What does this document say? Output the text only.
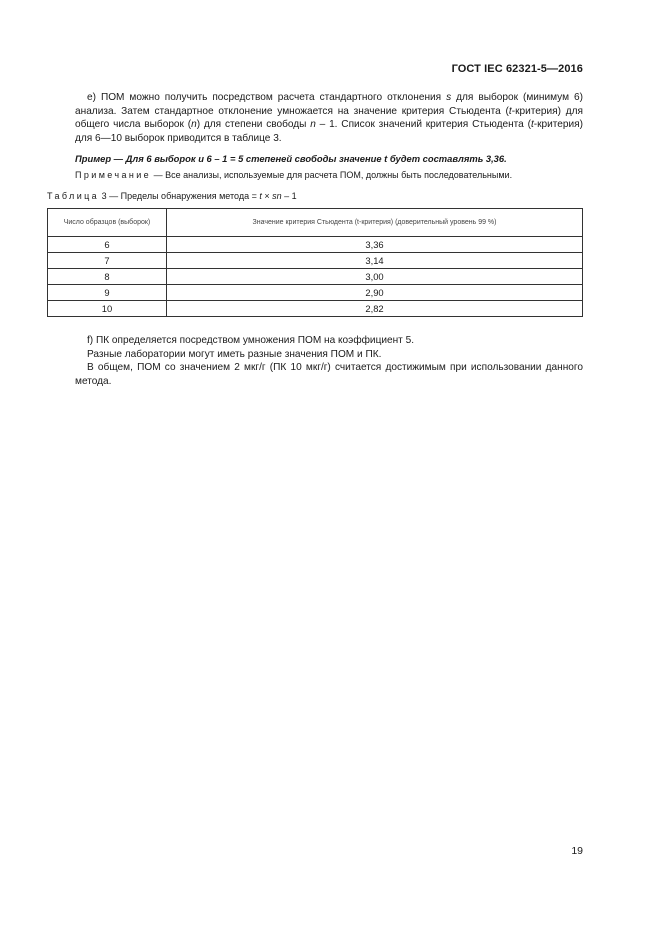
ГОСТ IEC 62321-5—2016
е) ПОМ можно получить посредством расчета стандартного отклонения s для выборок (минимум 6) анализа. Затем стандартное отклонение умножается на значение критерия Стьюдента (t-критерия) для общего числа выборок (n) для степени свободы n – 1. Список значений критерия Стьюдента (t-критерия) для 6—10 выборок приводится в таблице 3.
Пример — Для 6 выборок и 6 – 1 = 5 степеней свободы значение t будет составлять 3,36.
Примечание — Все анализы, используемые для расчета ПОМ, должны быть последовательными.
Таблица 3 — Пределы обнаружения метода = t × sn – 1
Число образцов (выборок)	Значение критерия Стьюдента (t-критерия) (доверительный уровень 99 %)
6	3,36
7	3,14
8	3,00
9	2,90
10	2,82
f) ПК определяется посредством умножения ПОМ на коэффициент 5.
Разные лаборатории могут иметь разные значения ПОМ и ПК.
В общем, ПОМ со значением 2 мкг/г (ПК 10 мкг/г) считается достижимым при использовании данного метода.
19
